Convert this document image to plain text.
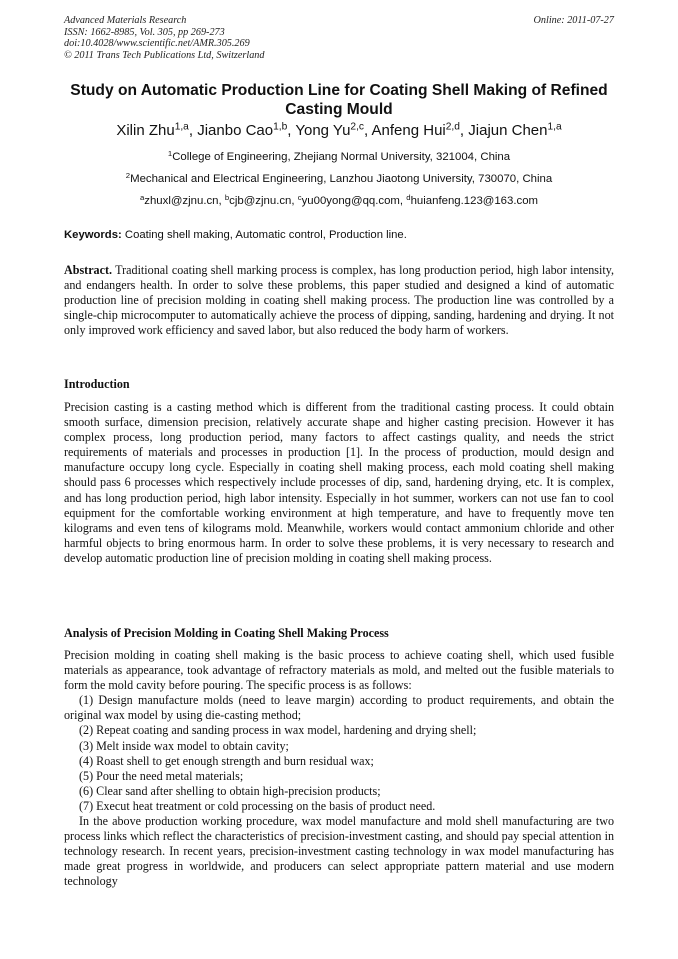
Advanced Materials Research
ISSN: 1662-8985, Vol. 305, pp 269-273
doi:10.4028/www.scientific.net/AMR.305.269
© 2011 Trans Tech Publications Ltd, Switzerland
Online: 2011-07-27
Study on Automatic Production Line for Coating Shell Making of Refined Casting Mould
Xilin Zhu$^{1,a}$, Jianbo Cao$^{1,b}$, Yong Yu$^{2,c}$, Anfeng Hui$^{2,d}$, Jiajun Chen$^{1,a}$
$^1$College of Engineering, Zhejiang Normal University, 321004, China
$^2$Mechanical and Electrical Engineering, Lanzhou Jiaotong University, 730070, China
$^a$zhuxl@zjnu.cn, $^b$cjb@zjnu.cn, $^c$yu00yong@qq.com, $^d$huianfeng.123@163.com
Keywords: Coating shell making, Automatic control, Production line.
Abstract. Traditional coating shell marking process is complex, has long production period, high labor intensity, and endangers health. In order to solve these problems, this paper studied and designed a kind of automatic production line of precision molding in coating shell making process. The production line was controlled by a single-chip microcomputer to automatically achieve the process of dipping, sanding, hardening and drying. It not only improved work efficiency and saved labor, but also reduced the body harm of workers.
Introduction
Precision casting is a casting method which is different from the traditional casting process. It could obtain smooth surface, dimension precision, relatively accurate shape and higher casting precision. However it has complex process, long production period, many factors to affect castings quality, and needs the strict requirements of materials and processes in production [1]. In the process of production, mould design and manufacture occupy long cycle. Especially in coating shell making process, each mold coating shell making should pass 6 processes which respectively include processes of dip, sand, hardening drying, etc. It is complex, and has long production period, high labor intensity. Especially in hot summer, workers can not use fan to cool equipment for the comfortable working environment at high temperature, and have to frequently move ten kilograms and even tens of kilograms mold. Meanwhile, workers would contact ammonium chloride and other harmful objects to bring enormous harm. In order to solve these problems, it is very necessary to research and develop automatic production line of precision molding in coating shell making process.
Analysis of Precision Molding in Coating Shell Making Process
Precision molding in coating shell making is the basic process to achieve coating shell, which used fusible materials as appearance, took advantage of refractory materials as mold, and melted out the fusible materials to form the mold cavity before pouring. The specific process is as follows:
(1) Design manufacture molds (need to leave margin) according to product requirements, and obtain the original wax model by using die-casting method;
(2) Repeat coating and sanding process in wax model, hardening and drying shell;
(3) Melt inside wax model to obtain cavity;
(4) Roast shell to get enough strength and burn residual wax;
(5) Pour the need metal materials;
(6) Clear sand after shelling to obtain high-precision products;
(7) Execut heat treatment or cold processing on the basis of product need.
In the above production working procedure, wax model manufacture and mold shell manufacturing are two process links which reflect the characteristics of precision-investment casting, and should pay special attention in technology research. In recent years, precision-investment casting technology in wax model manufacturing has made great progress in worldwide, and producers can select appropriate pattern material and use modern technology
